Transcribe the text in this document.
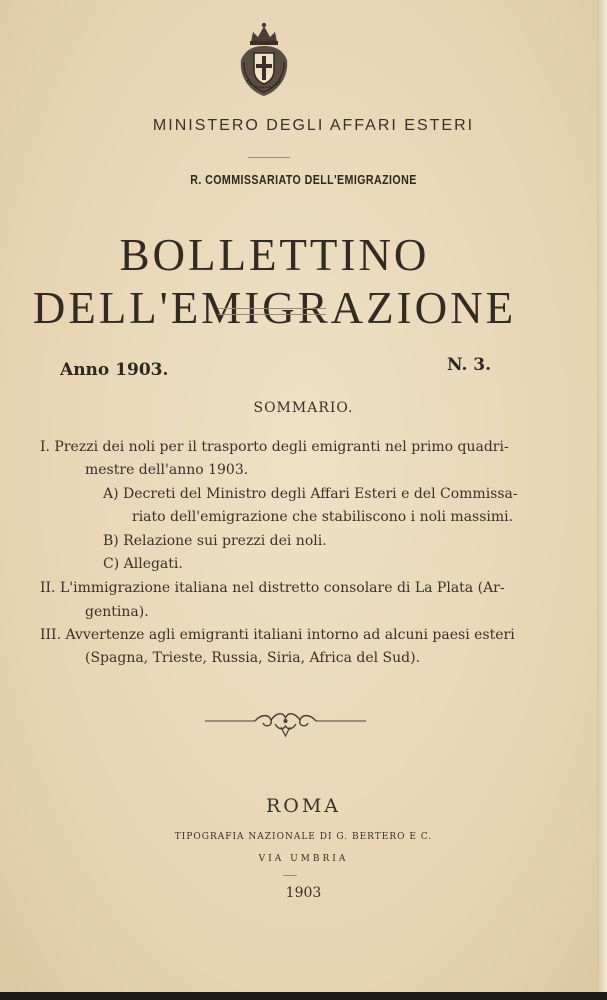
MINISTERO DEGLI AFFARI ESTERI
R. COMMISSARIATO DELL'EMIGRAZIONE
BOLLETTINO DELL'EMIGRAZIONE
Anno 1903.	N. 3.
SOMMARIO.
I. Prezzi dei noli per il trasporto degli emigranti nel primo quadri-
mestre dell'anno 1903.
A) Decreti del Ministro degli Affari Esteri e del Commissa-
riato dell'emigrazione che stabiliscono i noli massimi.
B) Relazione sui prezzi dei noli.
C) Allegati.
II. L'immigrazione italiana nel distretto consolare di La Plata (Ar-
gentina).
III. Avvertenze agli emigranti italiani intorno ad alcuni paesi esteri
(Spagna, Trieste, Russia, Siria, Africa del Sud).
ROMA
TIPOGRAFIA NAZIONALE DI G. BERTERO E C.
VIA UMBRIA
1903
